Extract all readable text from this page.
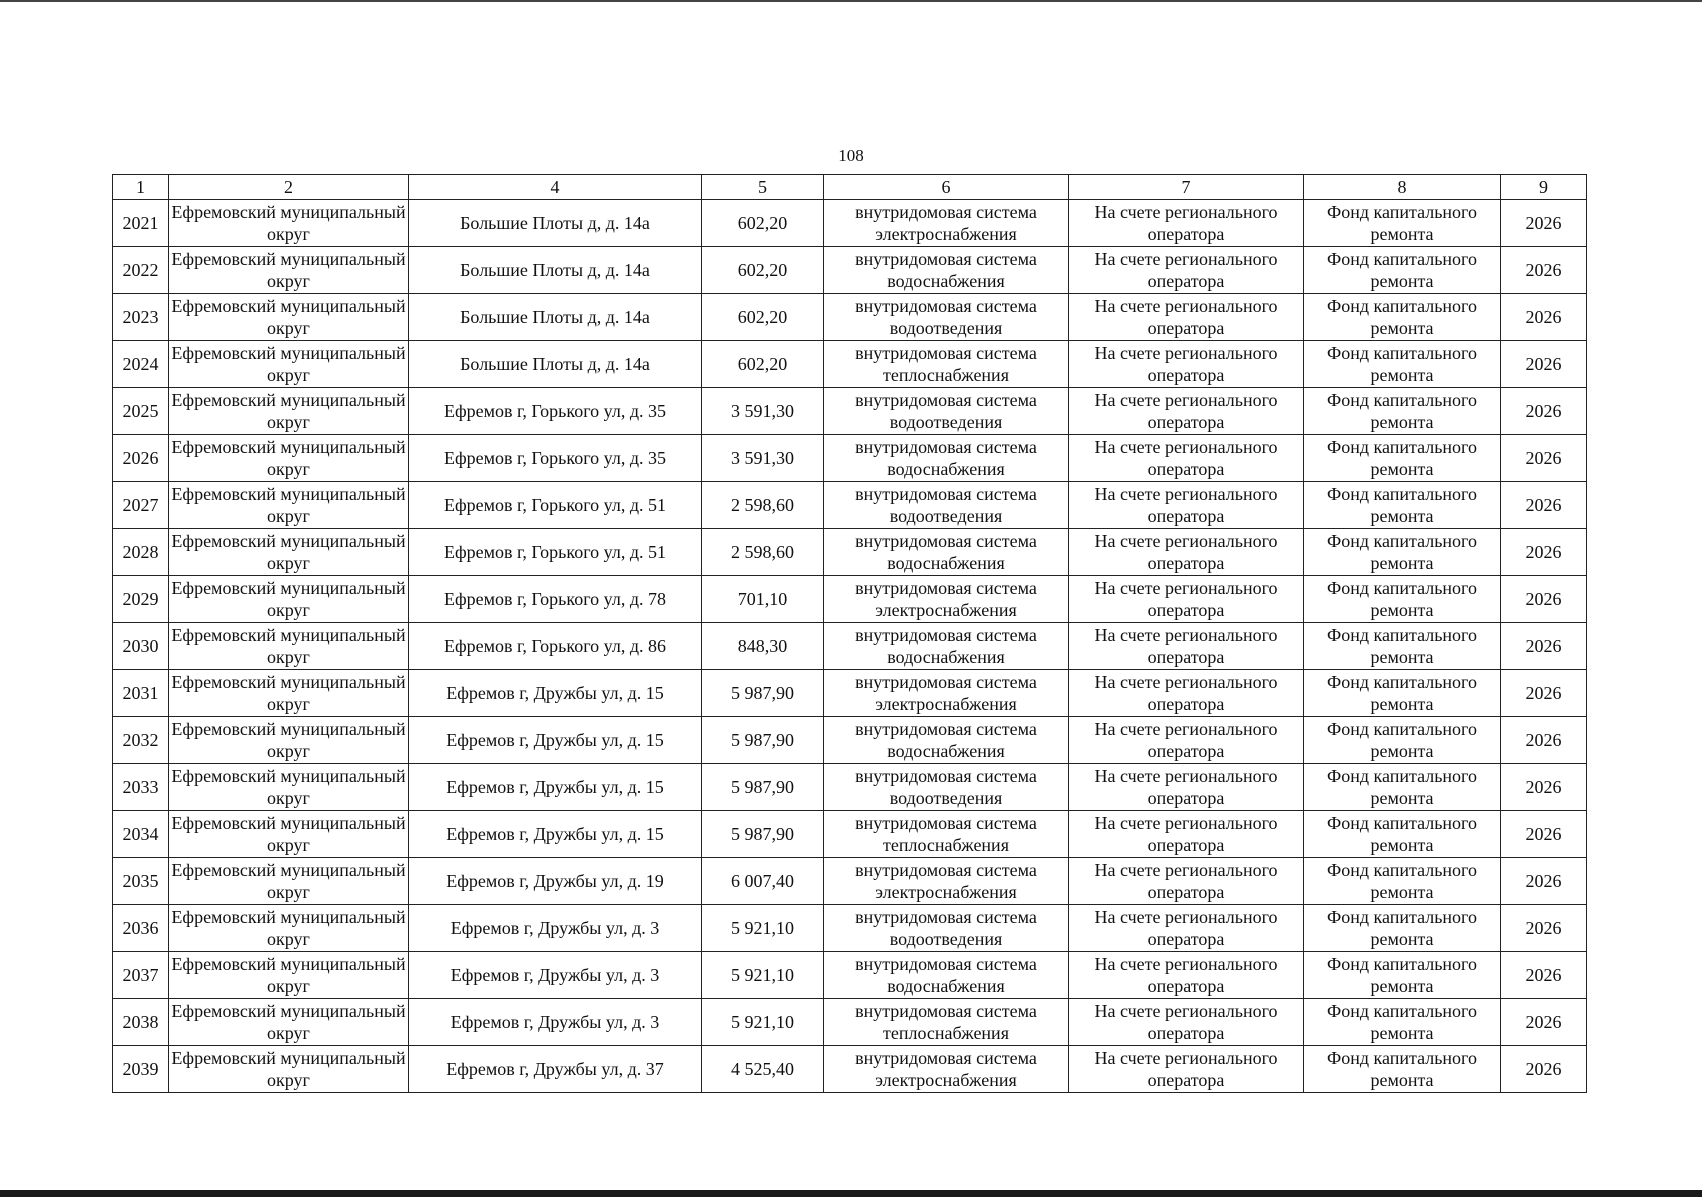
108
1	2	4	5	6	7	8	9
2021	Ефремовский муниципальный округ	Большие Плоты д, д. 14а	602,20	внутридомовая система электроснабжения	На счете регионального оператора	Фонд капитального ремонта	2026
2022	Ефремовский муниципальный округ	Большие Плоты д, д. 14а	602,20	внутридомовая система водоснабжения	На счете регионального оператора	Фонд капитального ремонта	2026
2023	Ефремовский муниципальный округ	Большие Плоты д, д. 14а	602,20	внутридомовая система водоотведения	На счете регионального оператора	Фонд капитального ремонта	2026
2024	Ефремовский муниципальный округ	Большие Плоты д, д. 14а	602,20	внутридомовая система теплоснабжения	На счете регионального оператора	Фонд капитального ремонта	2026
2025	Ефремовский муниципальный округ	Ефремов г, Горького ул, д. 35	3 591,30	внутридомовая система водоотведения	На счете регионального оператора	Фонд капитального ремонта	2026
2026	Ефремовский муниципальный округ	Ефремов г, Горького ул, д. 35	3 591,30	внутридомовая система водоснабжения	На счете регионального оператора	Фонд капитального ремонта	2026
2027	Ефремовский муниципальный округ	Ефремов г, Горького ул, д. 51	2 598,60	внутридомовая система водоотведения	На счете регионального оператора	Фонд капитального ремонта	2026
2028	Ефремовский муниципальный округ	Ефремов г, Горького ул, д. 51	2 598,60	внутридомовая система водоснабжения	На счете регионального оператора	Фонд капитального ремонта	2026
2029	Ефремовский муниципальный округ	Ефремов г, Горького ул, д. 78	701,10	внутридомовая система электроснабжения	На счете регионального оператора	Фонд капитального ремонта	2026
2030	Ефремовский муниципальный округ	Ефремов г, Горького ул, д. 86	848,30	внутридомовая система водоснабжения	На счете регионального оператора	Фонд капитального ремонта	2026
2031	Ефремовский муниципальный округ	Ефремов г, Дружбы ул, д. 15	5 987,90	внутридомовая система электроснабжения	На счете регионального оператора	Фонд капитального ремонта	2026
2032	Ефремовский муниципальный округ	Ефремов г, Дружбы ул, д. 15	5 987,90	внутридомовая система водоснабжения	На счете регионального оператора	Фонд капитального ремонта	2026
2033	Ефремовский муниципальный округ	Ефремов г, Дружбы ул, д. 15	5 987,90	внутридомовая система водоотведения	На счете регионального оператора	Фонд капитального ремонта	2026
2034	Ефремовский муниципальный округ	Ефремов г, Дружбы ул, д. 15	5 987,90	внутридомовая система теплоснабжения	На счете регионального оператора	Фонд капитального ремонта	2026
2035	Ефремовский муниципальный округ	Ефремов г, Дружбы ул, д. 19	6 007,40	внутридомовая система электроснабжения	На счете регионального оператора	Фонд капитального ремонта	2026
2036	Ефремовский муниципальный округ	Ефремов г, Дружбы ул, д. 3	5 921,10	внутридомовая система водоотведения	На счете регионального оператора	Фонд капитального ремонта	2026
2037	Ефремовский муниципальный округ	Ефремов г, Дружбы ул, д. 3	5 921,10	внутридомовая система водоснабжения	На счете регионального оператора	Фонд капитального ремонта	2026
2038	Ефремовский муниципальный округ	Ефремов г, Дружбы ул, д. 3	5 921,10	внутридомовая система теплоснабжения	На счете регионального оператора	Фонд капитального ремонта	2026
2039	Ефремовский муниципальный округ	Ефремов г, Дружбы ул, д. 37	4 525,40	внутридомовая система электроснабжения	На счете регионального оператора	Фонд капитального ремонта	2026
